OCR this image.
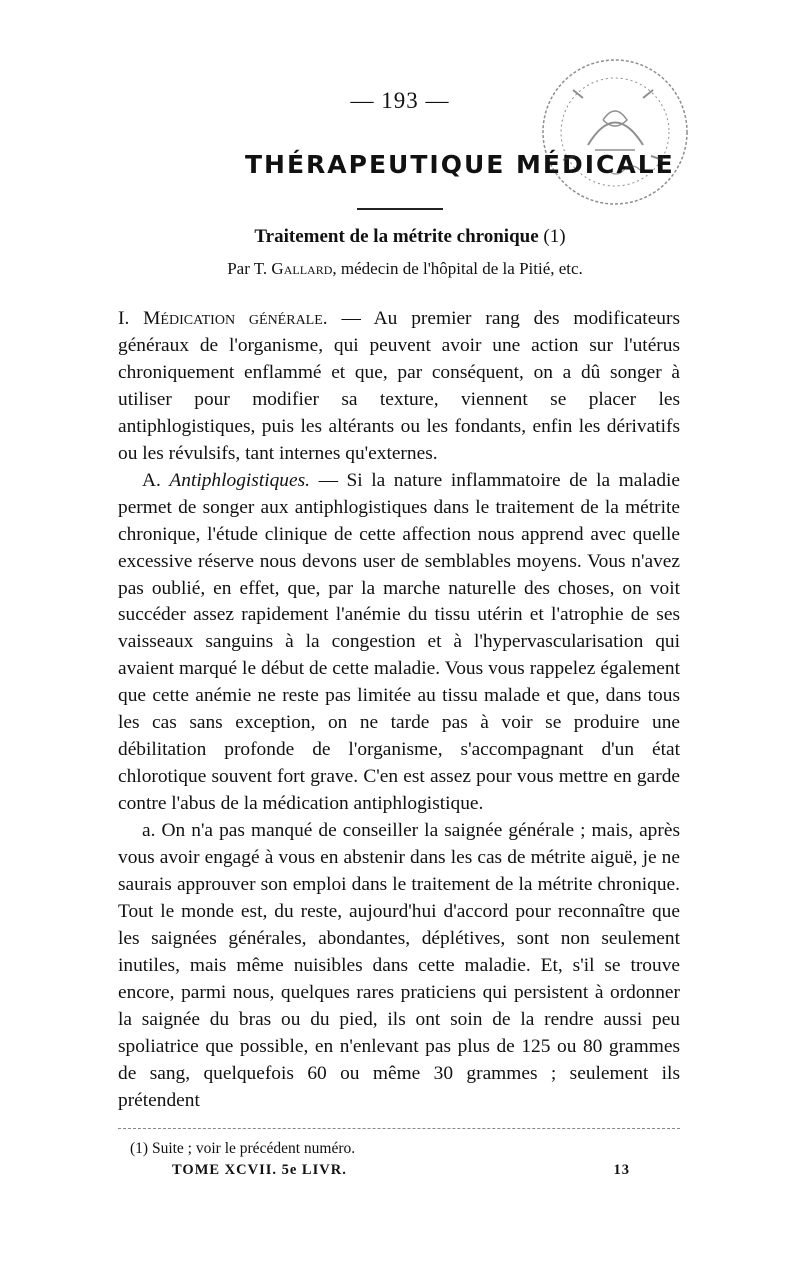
— 193 —
THÉRAPEUTIQUE MÉDICALE
Traitement de la métrite chronique (1)
Par T. Gallard, médecin de l'hôpital de la Pitié, etc.

I. Médication générale. — Au premier rang des modificateurs généraux de l'organisme, qui peuvent avoir une action sur l'utérus chroniquement enflammé et que, par conséquent, on a dû songer à utiliser pour modifier sa texture, viennent se placer les antiphlogistiques, puis les altérants ou les fondants, enfin les dérivatifs ou les révulsifs, tant internes qu'externes.

A. Antiphlogistiques. — Si la nature inflammatoire de la maladie permet de songer aux antiphlogistiques dans le traitement de la métrite chronique, l'étude clinique de cette affection nous apprend avec quelle excessive réserve nous devons user de semblables moyens. Vous n'avez pas oublié, en effet, que, par la marche naturelle des choses, on voit succéder assez rapidement l'anémie du tissu utérin et l'atrophie de ses vaisseaux sanguins à la congestion et à l'hypervascularisation qui avaient marqué le début de cette maladie. Vous vous rappelez également que cette anémie ne reste pas limitée au tissu malade et que, dans tous les cas sans exception, on ne tarde pas à voir se produire une débilitation profonde de l'organisme, s'accompagnant d'un état chlorotique souvent fort grave. C'en est assez pour vous mettre en garde contre l'abus de la médication antiphlogistique.

a. On n'a pas manqué de conseiller la saignée générale ; mais, après vous avoir engagé à vous en abstenir dans les cas de métrite aiguë, je ne saurais approuver son emploi dans le traitement de la métrite chronique. Tout le monde est, du reste, aujourd'hui d'accord pour reconnaître que les saignées générales, abondantes, déplétives, sont non seulement inutiles, mais même nuisibles dans cette maladie. Et, s'il se trouve encore, parmi nous, quelques rares praticiens qui persistent à ordonner la saignée du bras ou du pied, ils ont soin de la rendre aussi peu spoliatrice que possible, en n'enlevant pas plus de 125 ou 80 grammes de sang, quelquefois 60 ou même 30 grammes ; seulement ils prétendent

(1) Suite ; voir le précédent numéro.
TOME XCVII. 5e LIVR.	13
